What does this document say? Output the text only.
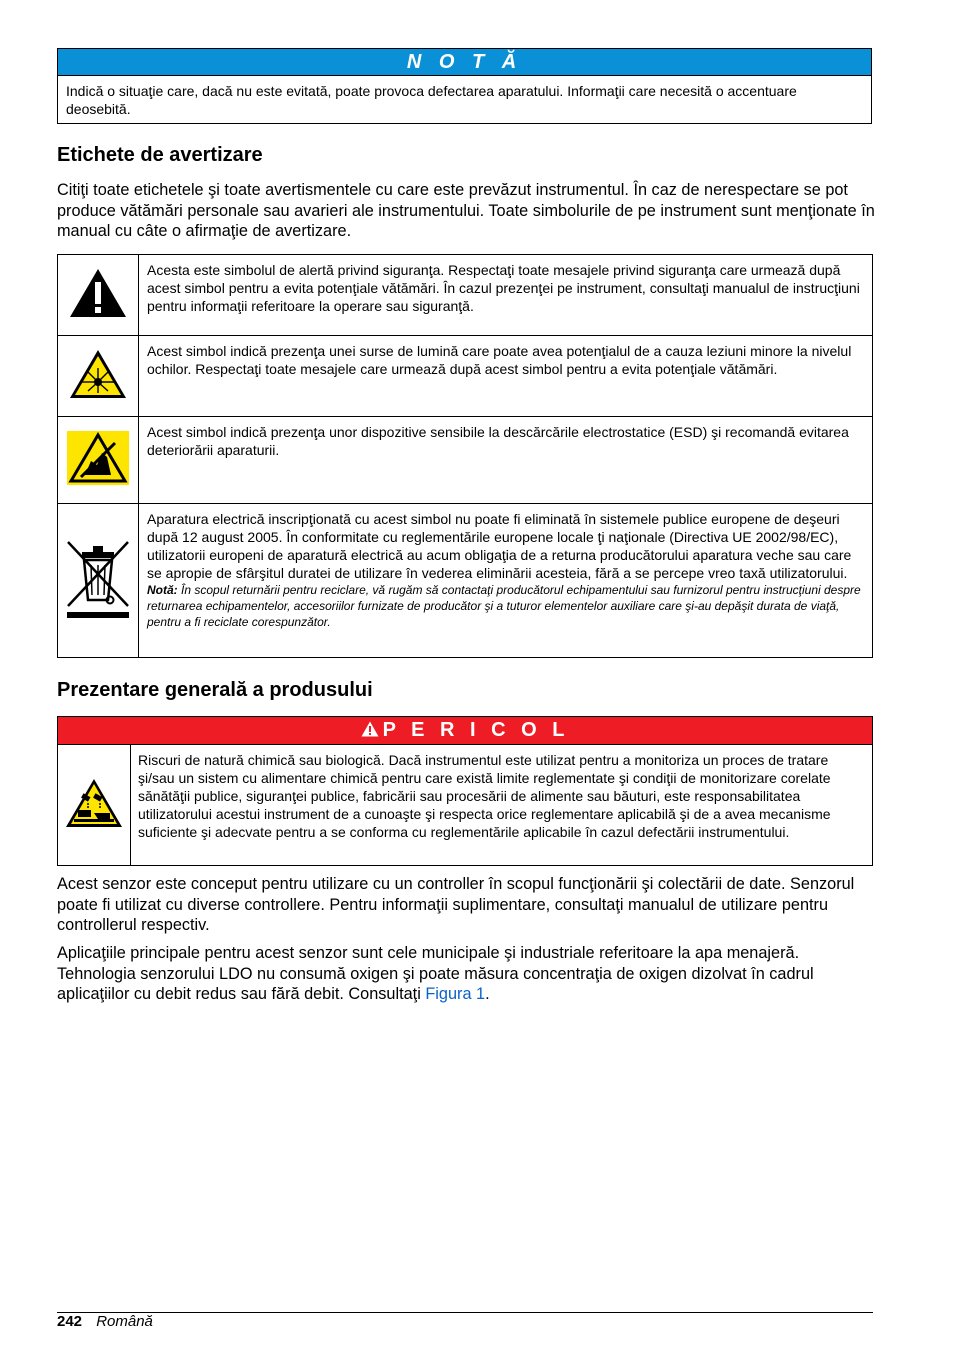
N O T Ă
Indică o situaţie care, dacă nu este evitată, poate provoca defectarea aparatului. Informaţii care necesită o accentuare deosebită.
Etichete de avertizare

Citiţi toate etichetele şi toate avertismentele cu care este prevăzut instrumentul. În caz de nerespectare se pot produce vătămări personale sau avarieri ale instrumentului. Toate simbolurile de pe instrument sunt menţionate în manual cu câte o afirmaţie de avertizare.

	Acesta este simbolul de alertă privind siguranţa. Respectaţi toate mesajele privind siguranţa care urmează după acest simbol pentru a evita potenţiale vătămări. În cazul prezenţei pe instrument, consultaţi manualul de instrucţiuni pentru informaţii referitoare la operare sau siguranţă.
	Acest simbol indică prezenţa unei surse de lumină care poate avea potenţialul de a cauza leziuni minore la nivelul ochilor. Respectaţi toate mesajele care urmează după acest simbol pentru a evita potenţiale vătămări.
	Acest simbol indică prezenţa unor dispozitive sensibile la descărcările electrostatice (ESD) şi recomandă evitarea deteriorării aparaturii.

Aparatura electrică inscripţionată cu acest simbol nu poate fi eliminată în sistemele publice europene de deşeuri după 12 august 2005. În conformitate cu reglementările europene locale ţi naţionale (Directiva UE 2002/98/EC), utilizatorii europeni de aparatură electrică au acum obligaţia de a returna producătorului aparatura veche sau care se apropie de sfârşitul duratei de utilizare în vederea eliminării acesteia, fără a se percepe vreo taxă utilizatorului.
Notă: În scopul returnării pentru reciclare, vă rugăm să contactaţi producătorul echipamentului sau furnizorul pentru instrucţiuni despre returnarea echipamentelor, accesoriilor furnizate de producător şi a tuturor elementelor auxiliare care şi-au depăşit durata de viaţă, pentru a fi reciclate corespunzător.
Prezentare generală a produsului
P E R I C O L
	Riscuri de natură chimică sau biologică. Dacă instrumentul este utilizat pentru a monitoriza un proces de tratare şi/sau un sistem cu alimentare chimică pentru care există limite reglementate şi condiţii de monitorizare corelate sănătăţii publice, siguranţei publice, fabricării sau procesării de alimente sau băuturi, este responsabilitatea utilizatorului acestui instrument de a cunoaşte şi respecta orice reglementare aplicabilă şi de a avea mecanisme suficiente şi adecvate pentru a se conforma cu reglementările aplicabile în cazul defectării instrumentului.

Acest senzor este conceput pentru utilizare cu un controller în scopul funcţionării şi colectării de date. Senzorul poate fi utilizat cu diverse controllere. Pentru informaţii suplimentare, consultaţi manualul de utilizare pentru controllerul respectiv.

Aplicaţiile principale pentru acest senzor sunt cele municipale şi industriale referitoare la apa menajeră. Tehnologia senzorului LDO nu consumă oxigen şi poate măsura concentraţia de oxigen dizolvat în cadrul aplicaţiilor cu debit redus sau fără debit. Consultaţi Figura 1.

242 Română
